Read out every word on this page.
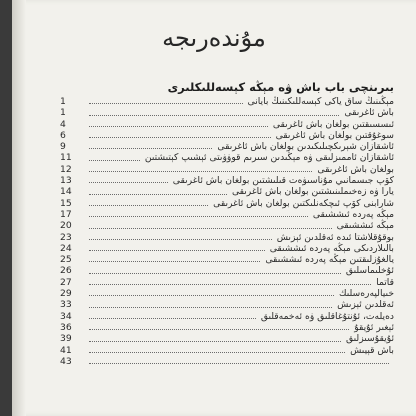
مۇندەرىجە
بىرىنچى باب باش ۋە مېڭە كېسەللىكلىرى
مېڭىنىڭ ساق ياكى كېسەللىكىنىڭ بايانى
1
باش ئاغرىقى
1
ئىسسىقتىن بولغان باش ئاغرىقى
4
سوغۇقتىن بولغان باش ئاغرىقى
6
ئاشقازان شېرىكچىلىكىدىن بولغان باش ئاغرىقى
9
ئاشقازان ئاممىزلىقى ۋە مېڭىدىن سىرىم قوۋۋىتى ئېشىپ كېتىشتىن
11
بولغان باش ئاغرىقى
12
كۆپ جىسمانىي مۇناسىۋەت قىلىشتىن بولغان باش ئاغرىقى
13
يارا ۋە زەخىملىنىشتىن بولغان باش ئاغرىقى
14
شارابنى كۆپ ئىچكەنلىكتىن بولغان باش ئاغرىقى
15
مېڭە پەردە ئىششىقى
17
مېڭە ئىششىقى
20
بوقۇقلاشتا ئىدە ئەقلدىن ئېزىش
23
بالىلاردىكى مېڭە پەردە ئىششىقى
24
يالغۇزلىقتىن مېڭە پەردە ئىششىقى
25
ئۇخلىماسلىق
26
قاتما
27
خىيالپەرەسلىك
29
ئەقلدىن ئېزىش
33
دەيلەت، ئۇنتۇغاقلىق ۋە ئەخمەقلىق
34
ئېغىر ئۇيقۇ
36
ئۇيقۇسىزلىق
39
باش قېيىش
41
43
